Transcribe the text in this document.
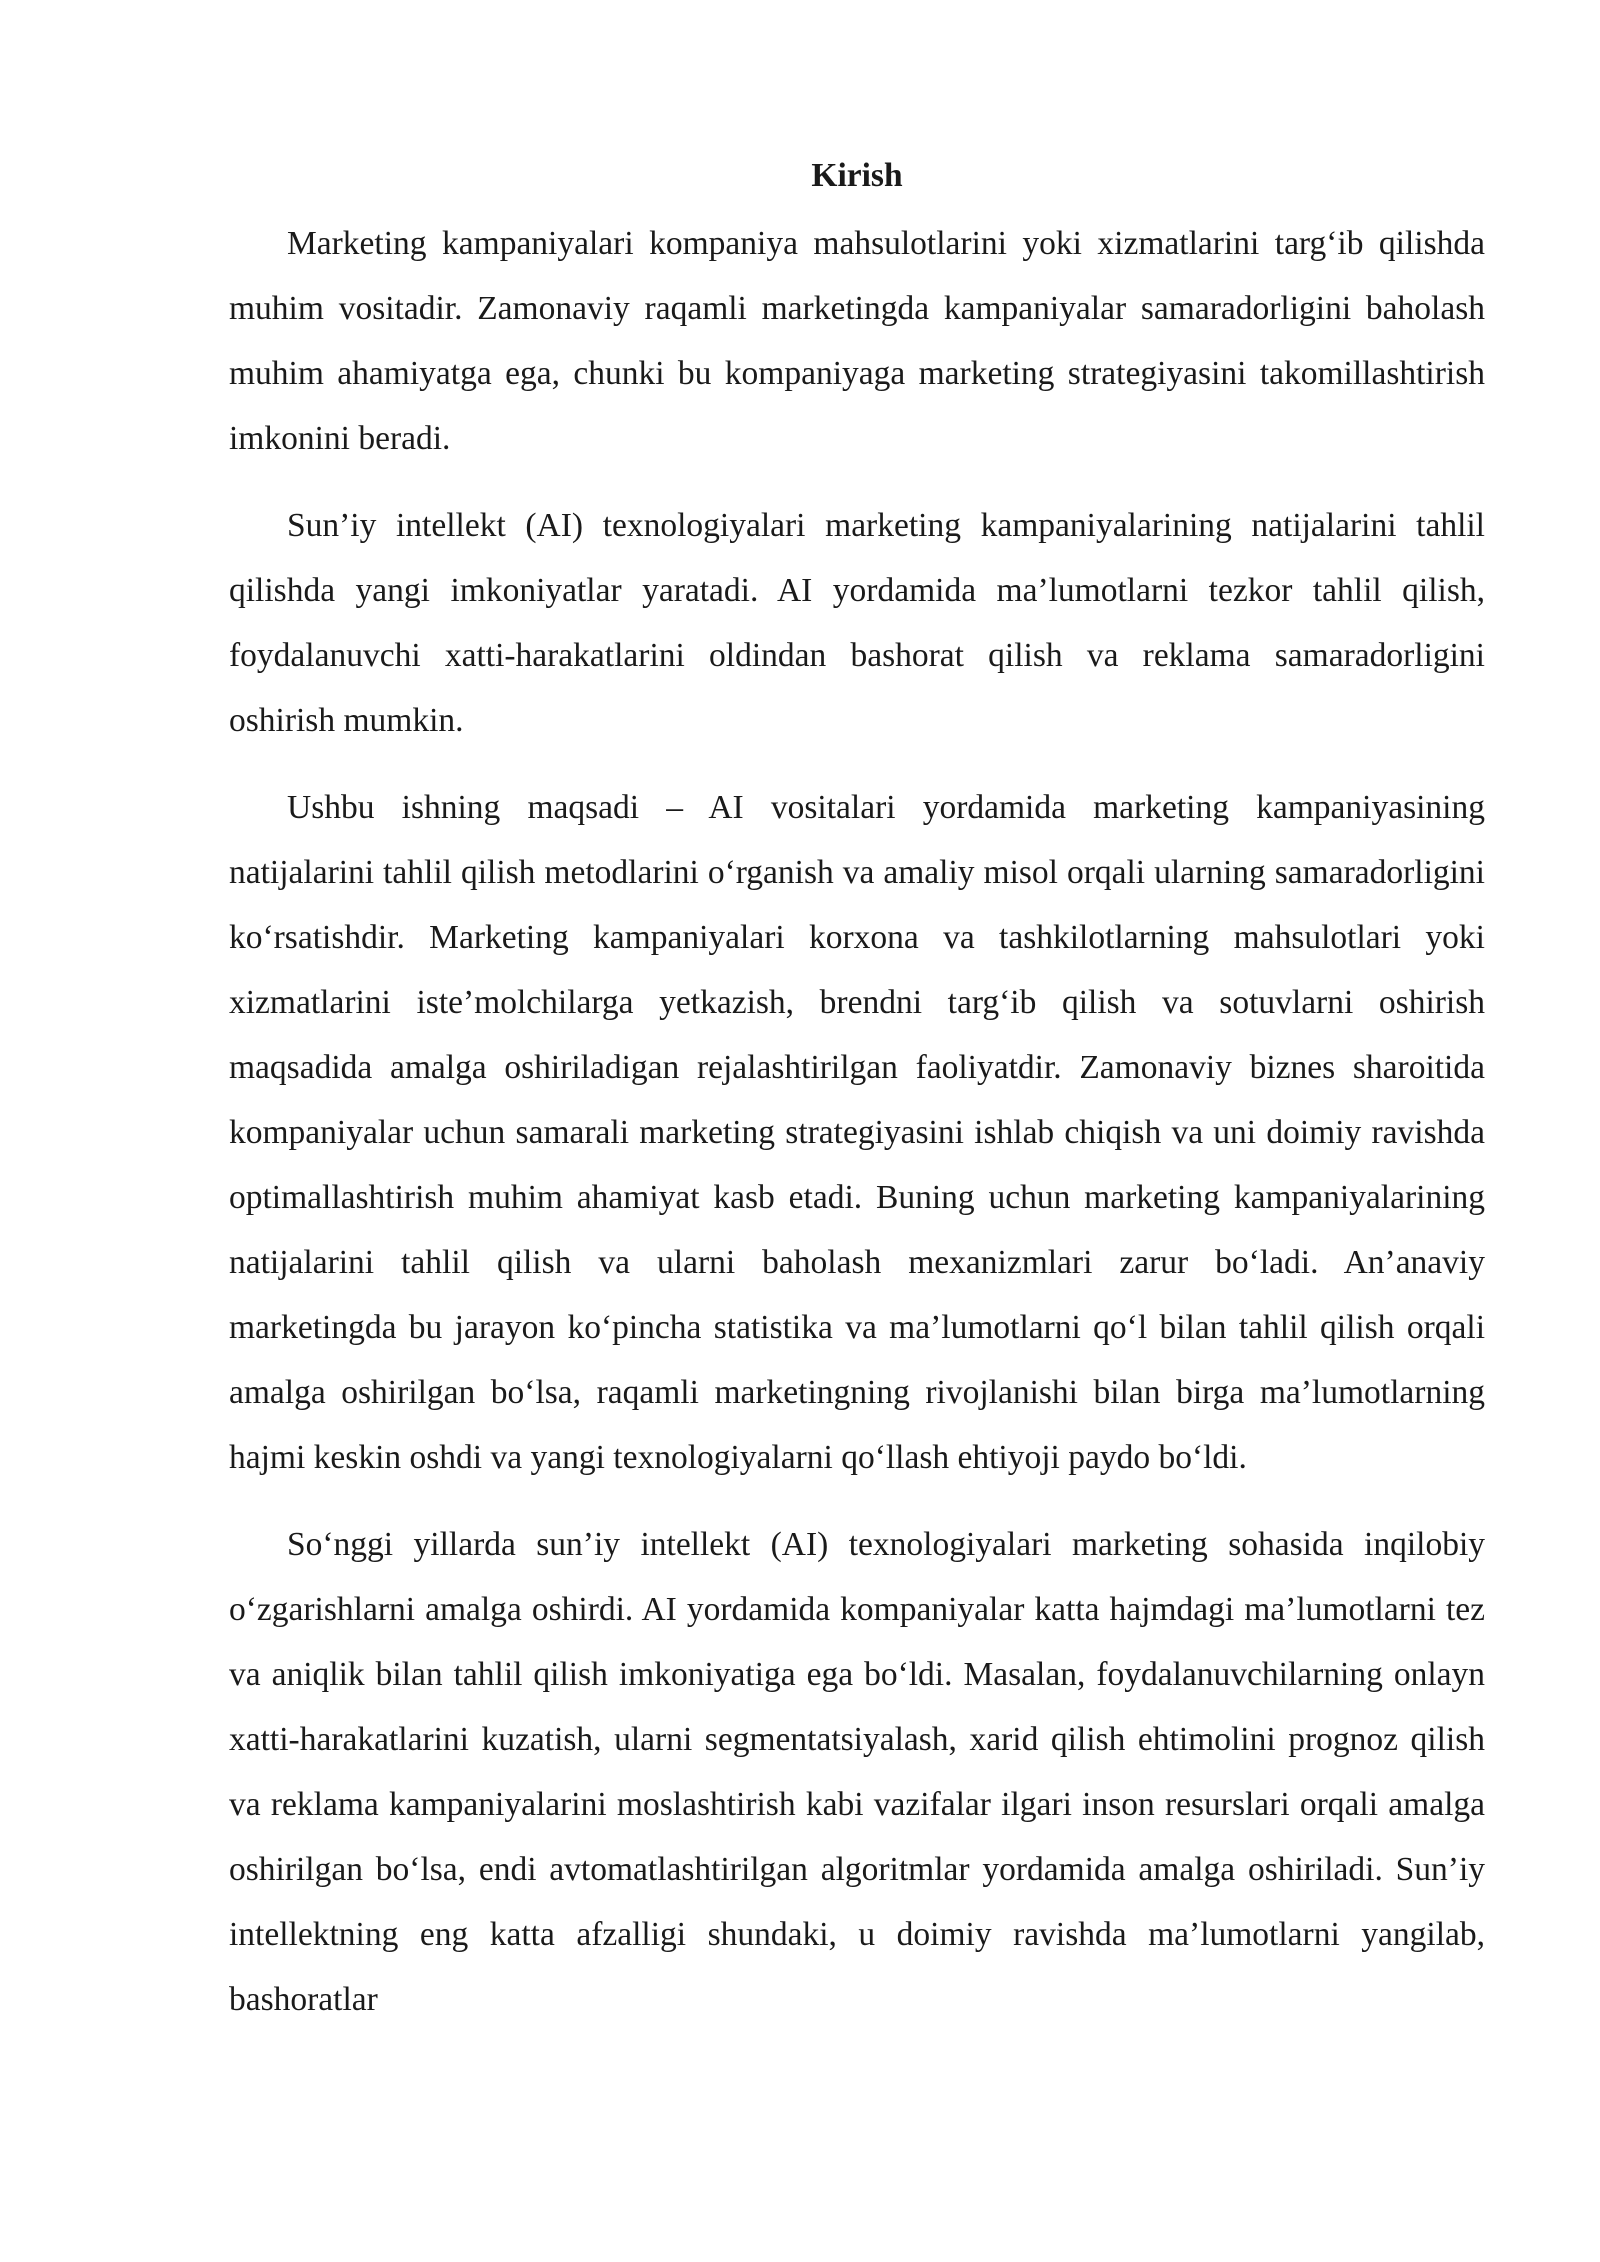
Kirish

Marketing kampaniyalari kompaniya mahsulotlarini yoki xizmatlarini targ‘ib qilishda muhim vositadir. Zamonaviy raqamli marketingda kampaniyalar samaradorligini baholash muhim ahamiyatga ega, chunki bu kompaniyaga marketing strategiyasini takomillashtirish imkonini beradi.

Sun’iy intellekt (AI) texnologiyalari marketing kampaniyalarining natijalarini tahlil qilishda yangi imkoniyatlar yaratadi. AI yordamida ma’lumotlarni tezkor tahlil qilish, foydalanuvchi xatti-harakatlarini oldindan bashorat qilish va reklama samaradorligini oshirish mumkin.

Ushbu ishning maqsadi – AI vositalari yordamida marketing kampaniyasining natijalarini tahlil qilish metodlarini o‘rganish va amaliy misol orqali ularning samaradorligini ko‘rsatishdir. Marketing kampaniyalari korxona va tashkilotlarning mahsulotlari yoki xizmatlarini iste’molchilarga yetkazish, brendni targ‘ib qilish va sotuvlarni oshirish maqsadida amalga oshiriladigan rejalashtirilgan faoliyatdir. Zamonaviy biznes sharoitida kompaniyalar uchun samarali marketing strategiyasini ishlab chiqish va uni doimiy ravishda optimallashtirish muhim ahamiyat kasb etadi. Buning uchun marketing kampaniyalarining natijalarini tahlil qilish va ularni baholash mexanizmlari zarur bo‘ladi. An’anaviy marketingda bu jarayon ko‘pincha statistika va ma’lumotlarni qo‘l bilan tahlil qilish orqali amalga oshirilgan bo‘lsa, raqamli marketingning rivojlanishi bilan birga ma’lumotlarning hajmi keskin oshdi va yangi texnologiyalarni qo‘llash ehtiyoji paydo bo‘ldi.

So‘nggi yillarda sun’iy intellekt (AI) texnologiyalari marketing sohasida inqilobiy o‘zgarishlarni amalga oshirdi. AI yordamida kompaniyalar katta hajmdagi ma’lumotlarni tez va aniqlik bilan tahlil qilish imkoniyatiga ega bo‘ldi. Masalan, foydalanuvchilarning onlayn xatti-harakatlarini kuzatish, ularni segmentatsiyalash, xarid qilish ehtimolini prognoz qilish va reklama kampaniyalarini moslashtirish kabi vazifalar ilgari inson resurslari orqali amalga oshirilgan bo‘lsa, endi avtomatlashtirilgan algoritmlar yordamida amalga oshiriladi. Sun’iy intellektning eng katta afzalligi shundaki, u doimiy ravishda ma’lumotlarni yangilab, bashoratlar
